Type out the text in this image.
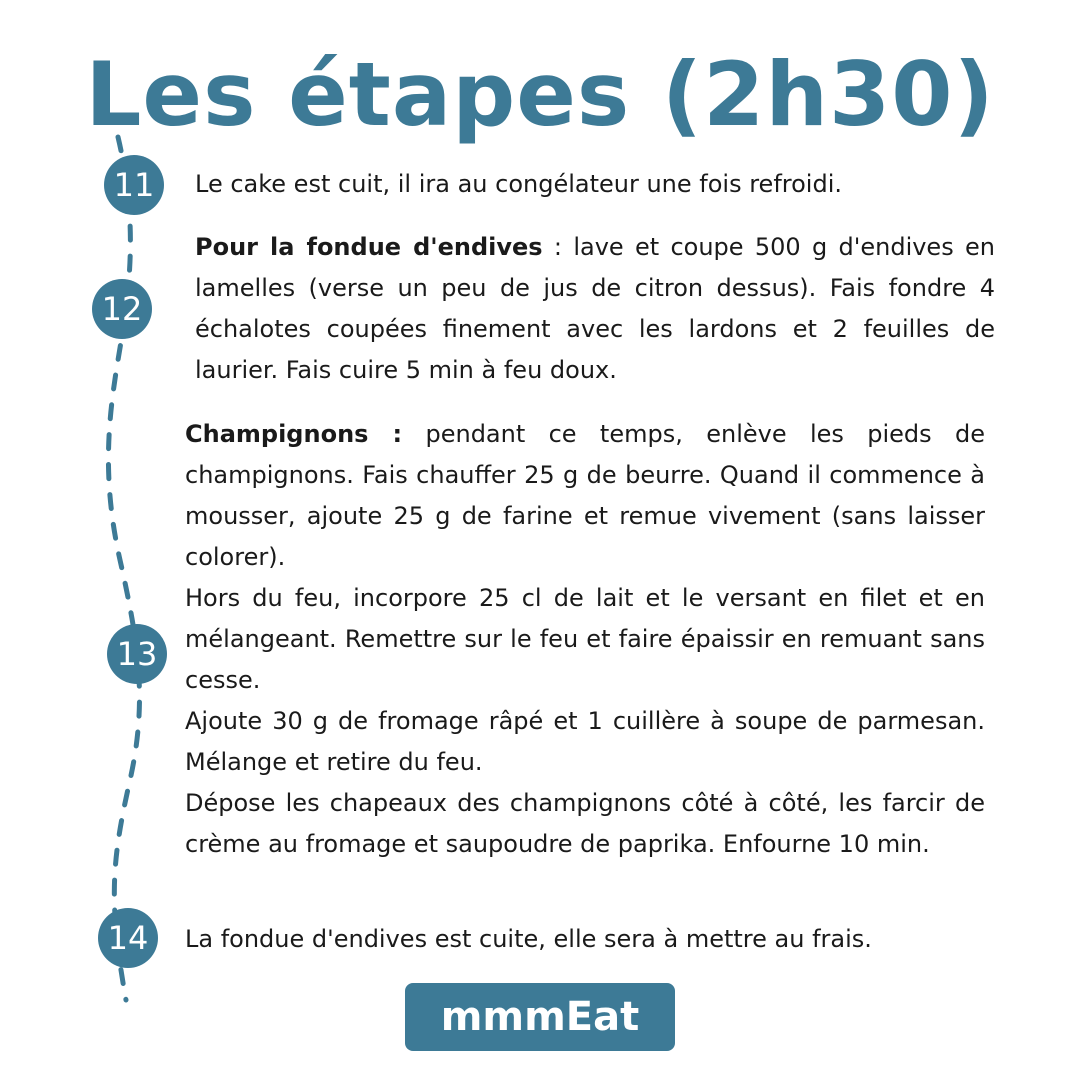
Les étapes (2h30)
11
12
13
14

Le cake est cuit, il ira au congélateur une fois refroidi.

Pour la fondue d'endives : lave et coupe 500 g d'endives en lamelles (verse un peu de jus de citron dessus). Fais fondre 4 échalotes coupées finement avec les lardons et 2 feuilles de laurier. Fais cuire 5 min à feu doux.

Champignons : pendant ce temps, enlève les pieds de champignons. Fais chauffer 25 g de beurre. Quand il commence à mousser, ajoute 25 g de farine et remue vivement (sans laisser colorer).

Hors du feu, incorpore 25 cl de lait et le versant en filet et en mélangeant. Remettre sur le feu et faire épaissir en remuant sans cesse.

Ajoute 30 g de fromage râpé et 1 cuillère à soupe de parmesan. Mélange et retire du feu.

Dépose les chapeaux des champignons côté à côté, les farcir de crème au fromage et saupoudre de paprika. Enfourne 10 min.

La fondue d'endives est cuite, elle sera à mettre au frais.

mmmEat
